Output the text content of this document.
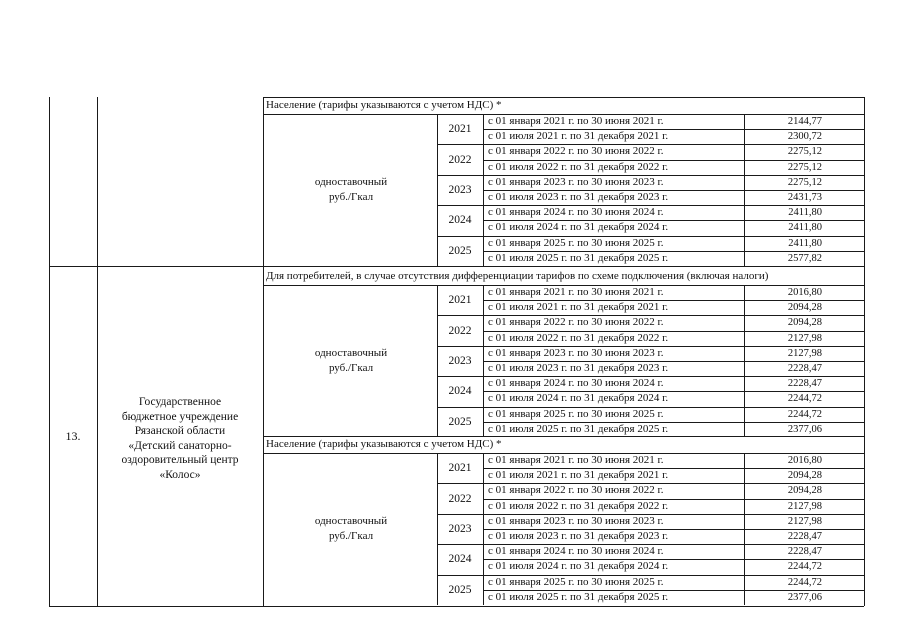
Население (тарифы указываются с учетом НДС) *
одноставочный
руб./Гкал
2021
с 01 января 2021 г. по 30 июня 2021 г.
с 01 июля 2021 г. по 31 декабря 2021 г.
2144,77
2300,72
2022
с 01 января 2022 г. по 30 июня 2022 г.
с 01 июля 2022 г. по 31 декабря 2022 г.
2275,12
2275,12
2023
с 01 января 2023 г. по 30 июня 2023 г.
с 01 июля 2023 г. по 31 декабря 2023 г.
2275,12
2431,73
2024
с 01 января 2024 г. по 30 июня 2024 г.
с 01 июля 2024 г. по 31 декабря 2024 г.
2411,80
2411,80
2025
с 01 января 2025 г. по 30 июня 2025 г.
с 01 июля 2025 г. по 31 декабря 2025 г.
2411,80
2577,82
Для потребителей, в случае отсутствия дифференциации тарифов по схеме подключения (включая налоги)
одноставочный
руб./Гкал
2021
с 01 января 2021 г. по 30 июня 2021 г.
с 01 июля 2021 г. по 31 декабря 2021 г.
2016,80
2094,28
2022
с 01 января 2022 г. по 30 июня 2022 г.
с 01 июля 2022 г. по 31 декабря 2022 г.
2094,28
2127,98
2023
с 01 января 2023 г. по 30 июня 2023 г.
с 01 июля 2023 г. по 31 декабря 2023 г.
2127,98
2228,47
2024
с 01 января 2024 г. по 30 июня 2024 г.
с 01 июля 2024 г. по 31 декабря 2024 г.
2228,47
2244,72
2025
с 01 января 2025 г. по 30 июня 2025 г.
с 01 июля 2025 г. по 31 декабря 2025 г.
2244,72
2377,06
Население (тарифы указываются с учетом НДС) *
одноставочный
руб./Гкал
2021
с 01 января 2021 г. по 30 июня 2021 г.
с 01 июля 2021 г. по 31 декабря 2021 г.
2016,80
2094,28
2022
с 01 января 2022 г. по 30 июня 2022 г.
с 01 июля 2022 г. по 31 декабря 2022 г.
2094,28
2127,98
2023
с 01 января 2023 г. по 30 июня 2023 г.
с 01 июля 2023 г. по 31 декабря 2023 г.
2127,98
2228,47
2024
с 01 января 2024 г. по 30 июня 2024 г.
с 01 июля 2024 г. по 31 декабря 2024 г.
2228,47
2244,72
2025
с 01 января 2025 г. по 30 июня 2025 г.
с 01 июля 2025 г. по 31 декабря 2025 г.
2244,72
2377,06
13.
Государственное
бюджетное учреждение
Рязанской области
«Детский санаторно-
оздоровительный центр
«Колос»
